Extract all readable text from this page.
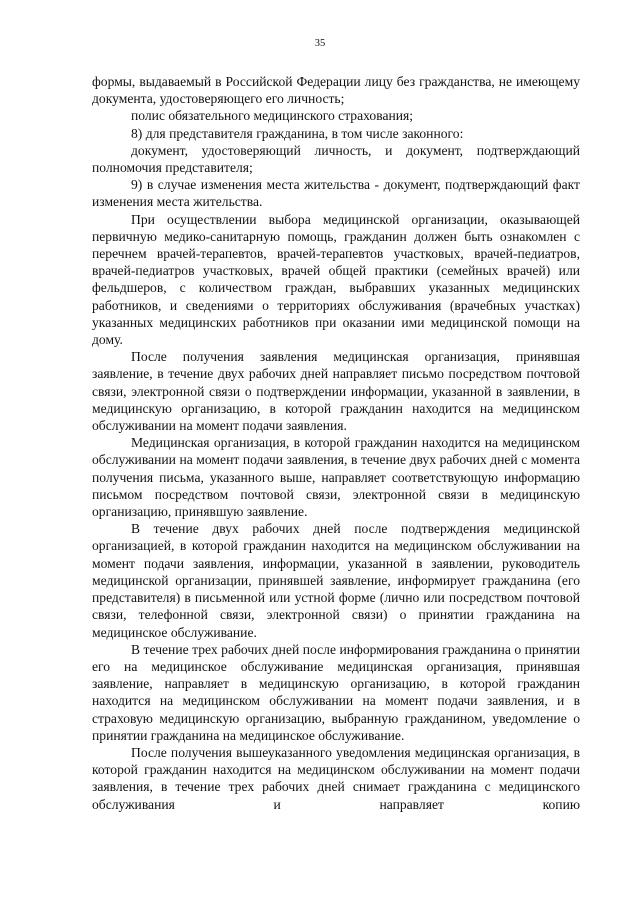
35

формы, выдаваемый в Российской Федерации лицу без гражданства, не имеющему документа, удостоверяющего его личность;

полис обязательного медицинского страхования;

8) для представителя гражданина, в том числе законного:

документ, удостоверяющий личность, и документ, подтверждающий полномочия представителя;

9) в случае изменения места жительства - документ, подтверждающий факт изменения места жительства.

При осуществлении выбора медицинской организации, оказывающей первичную медико-санитарную помощь, гражданин должен быть ознакомлен с перечнем врачей-терапевтов, врачей-терапевтов участковых, врачей-педиатров, врачей-педиатров участковых, врачей общей практики (семейных врачей) или фельдшеров, с количеством граждан, выбравших указанных медицинских работников, и сведениями о территориях обслуживания (врачебных участках) указанных медицинских работников при оказании ими медицинской помощи на дому.

После получения заявления медицинская организация, принявшая заявление, в течение двух рабочих дней направляет письмо посредством почтовой связи, электронной связи о подтверждении информации, указанной в заявлении, в медицинскую организацию, в которой гражданин находится на медицинском обслуживании на момент подачи заявления.

Медицинская организация, в которой гражданин находится на медицинском обслуживании на момент подачи заявления, в течение двух рабочих дней с момента получения письма, указанного выше, направляет соответствующую информацию письмом посредством почтовой связи, электронной связи в медицинскую организацию, принявшую заявление.

В течение двух рабочих дней после подтверждения медицинской организацией, в которой гражданин находится на медицинском обслуживании на момент подачи заявления, информации, указанной в заявлении, руководитель медицинской организации, принявшей заявление, информирует гражданина (его представителя) в письменной или устной форме (лично или посредством почтовой связи, телефонной связи, электронной связи) о принятии гражданина на медицинское обслуживание.

В течение трех рабочих дней после информирования гражданина о принятии его на медицинское обслуживание медицинская организация, принявшая заявление, направляет в медицинскую организацию, в которой гражданин находится на медицинском обслуживании на момент подачи заявления, и в страховую медицинскую организацию, выбранную гражданином, уведомление о принятии гражданина на медицинское обслуживание.

После получения вышеуказанного уведомления медицинская организация, в которой гражданин находится на медицинском обслуживании на момент подачи заявления, в течение трех рабочих дней снимает гражданина с медицинского обслуживания и направляет копию
